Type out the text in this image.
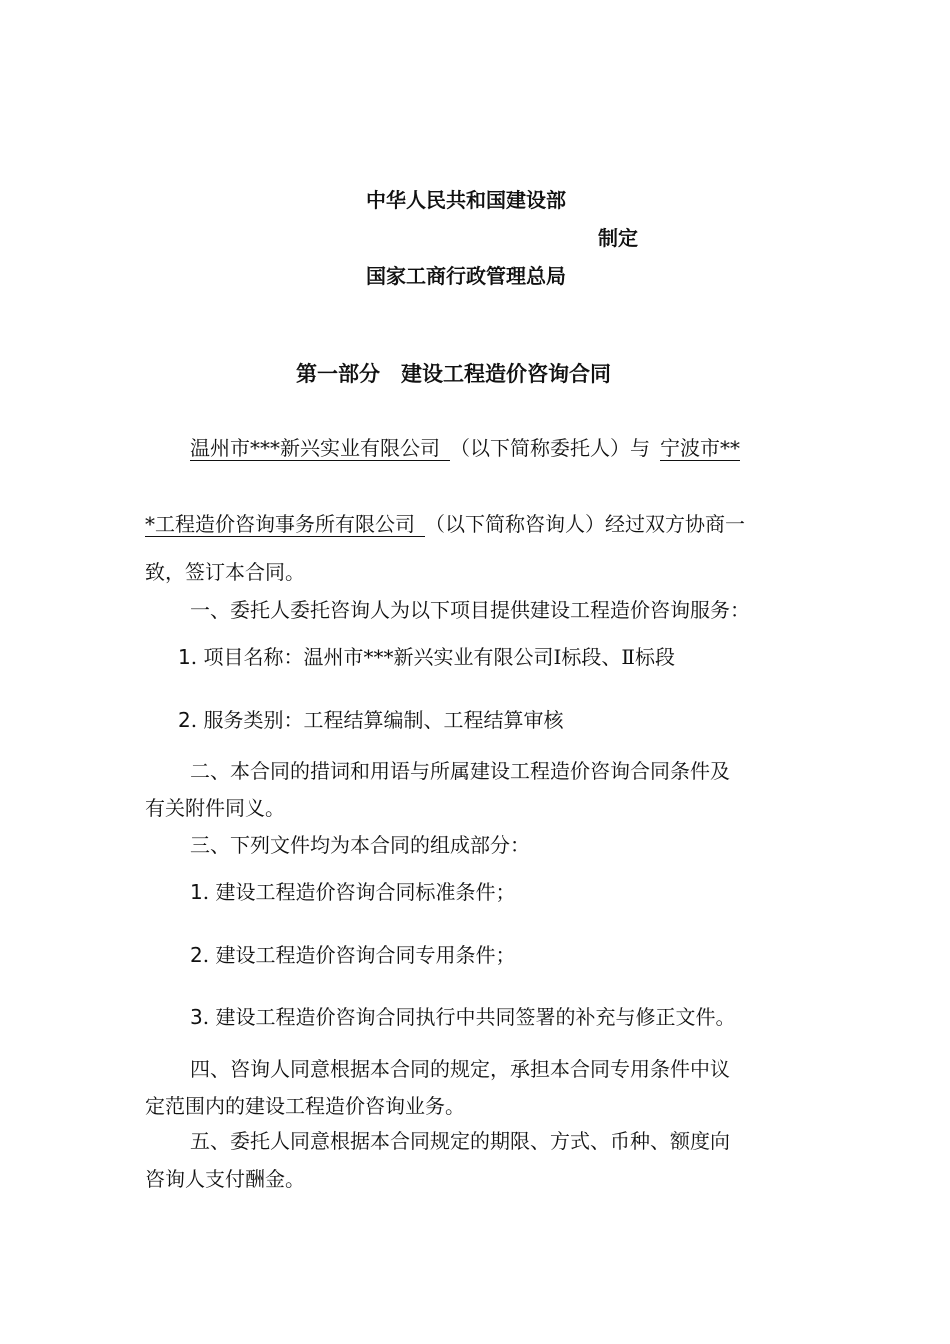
中华人民共和国建设部
制定
国家工商行政管理总局
第一部分　建设工程造价咨询合同
温州市***新兴实业有限公司  （以下简称委托人）与  宁波市**
*工程造价咨询事务所有限公司  （以下简称咨询人）经过双方协商一
致，签订本合同。
一、委托人委托咨询人为以下项目提供建设工程造价咨询服务：
1. 项目名称：温州市***新兴实业有限公司Ⅰ标段、Ⅱ标段
2. 服务类别：工程结算编制、工程结算审核
二、本合同的措词和用语与所属建设工程造价咨询合同条件及
有关附件同义。
三、下列文件均为本合同的组成部分：
1. 建设工程造价咨询合同标准条件；
2. 建设工程造价咨询合同专用条件；
3. 建设工程造价咨询合同执行中共同签署的补充与修正文件。
四、咨询人同意根据本合同的规定，承担本合同专用条件中议
定范围内的建设工程造价咨询业务。
五、委托人同意根据本合同规定的期限、方式、币种、额度向
咨询人支付酬金。
